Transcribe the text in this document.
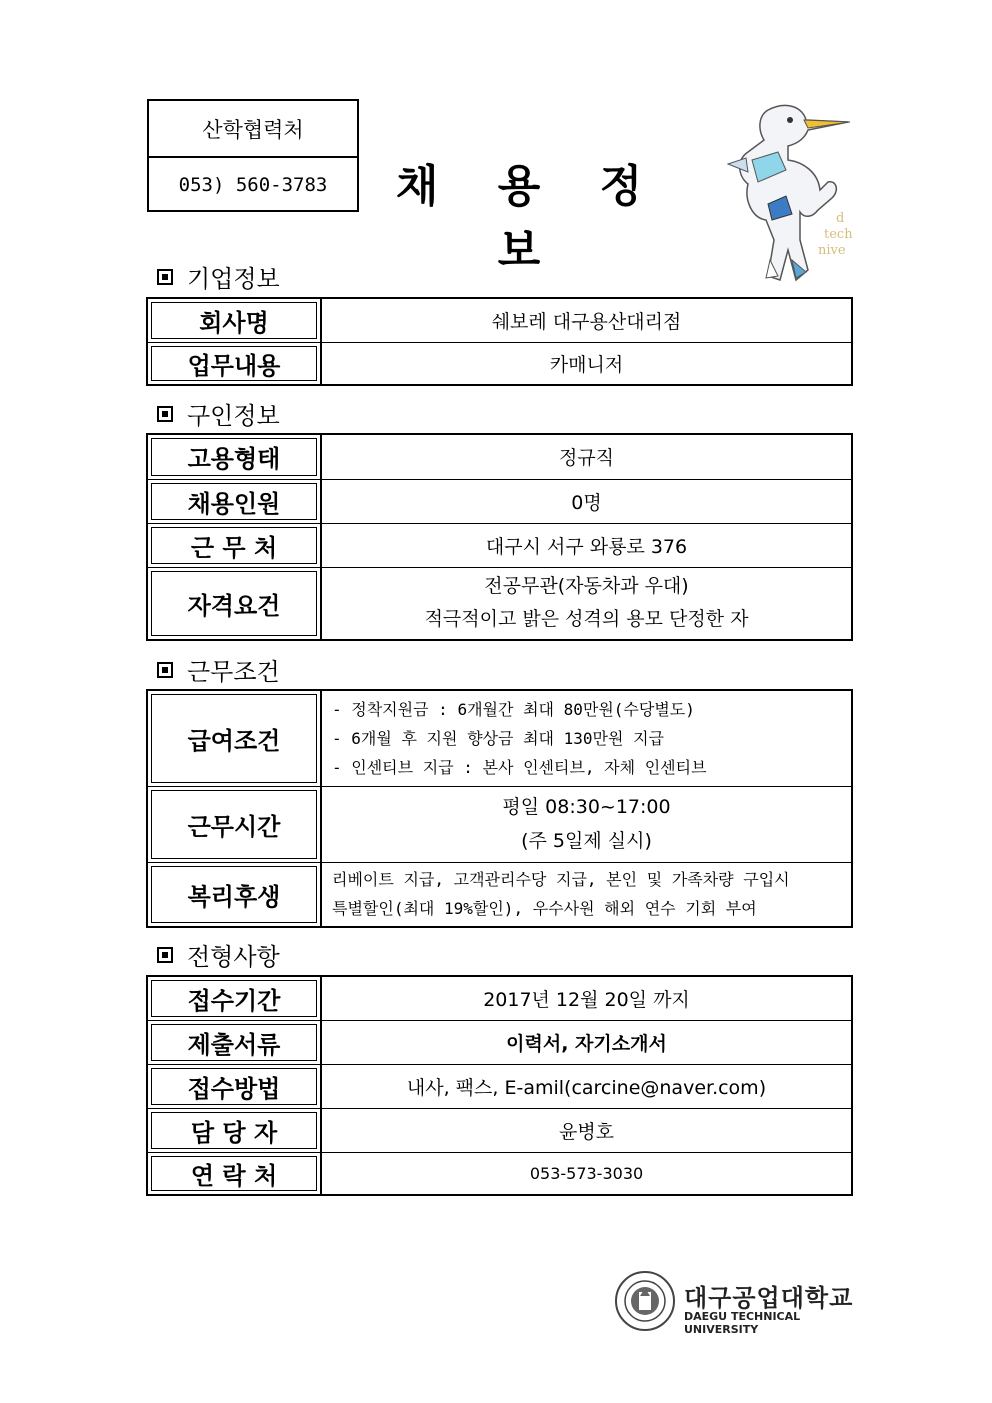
산학협력처
053) 560-3783	채 용 정 보
d
tech
nive
기업정보
회사명	쉐보레 대구용산대리점
업무내용	카매니저
구인정보
고용형태	정규직
채용인원	0명
근 무 처	대구시 서구 와룡로 376
자격요건	전공무관(자동차과 우대)
적극적이고 밝은 성격의 용모 단정한 자
근무조건
급여조건	- 정착지원금 : 6개월간 최대 80만원(수당별도)
- 6개월 후 지원 향상금 최대 130만원 지급
- 인센티브 지급 : 본사 인센티브, 자체 인센티브

근무시간	평일 08:30~17:00
(주 5일제 실시)

복리후생	리베이트 지급, 고객관리수당 지급, 본인 및 가족차량 구입시
특별할인(최대 19%할인), 우수사원 해외 연수 기회 부여
전형사항
접수기간	2017년 12월 20일 까지
제출서류	이력서, 자기소개서
접수방법	내사, 팩스, E-amil(carcine@naver.com)
담 당 자	윤병호
연 락 처	053-573-3030
대구공업대학교
DAEGU TECHNICAL UNIVERSITY
